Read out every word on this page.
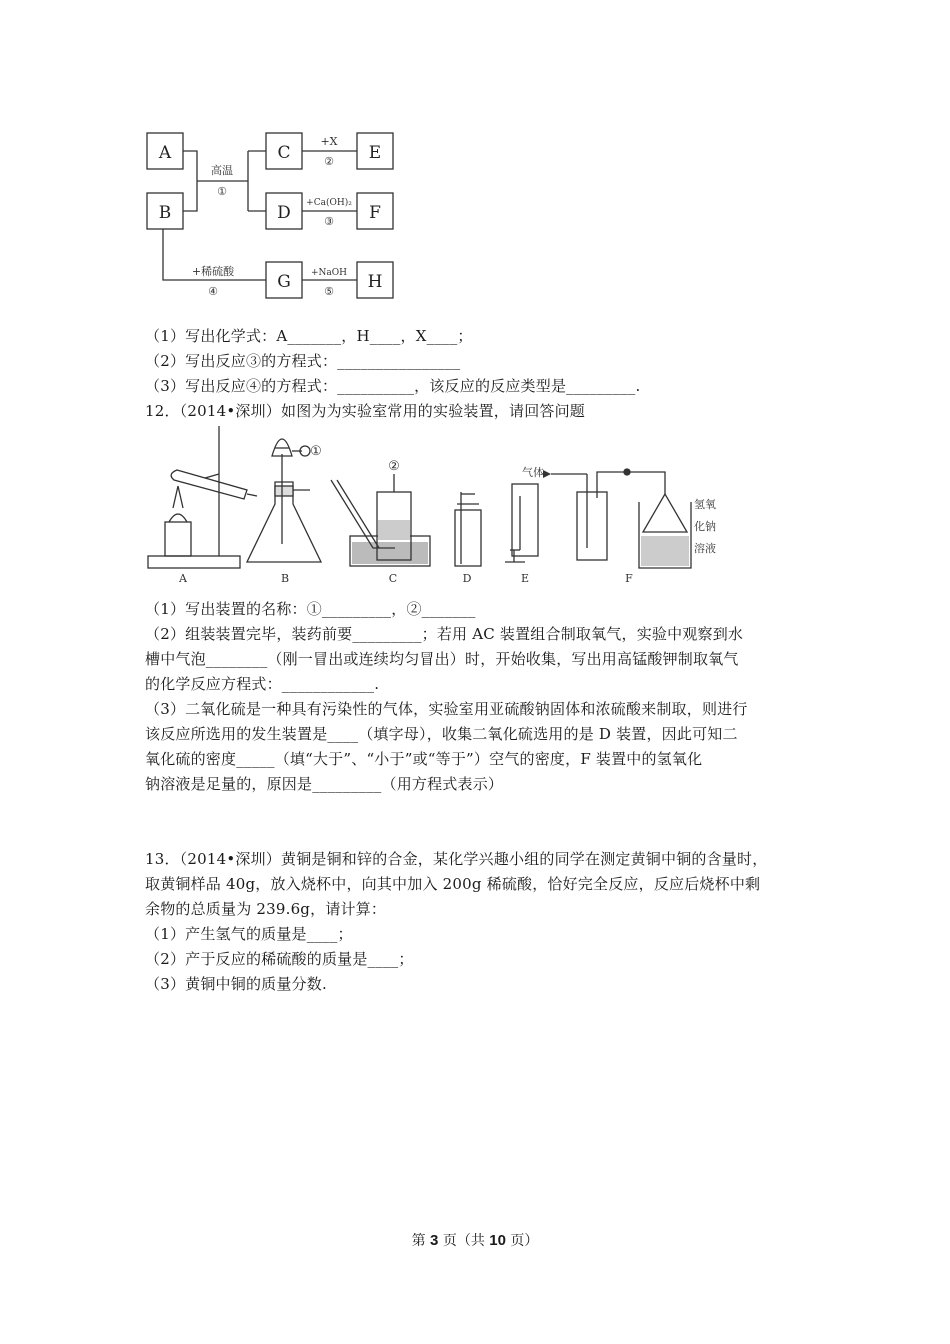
A
B
C
D
E
F
G	H
高温
①
+X
②
+Ca(OH)₂
③
+稀硫酸
④
+NaOH
⑤
（1）写出化学式：A_______，H____，X____；
（2）写出反应③的方程式：________________
（3）写出反应④的方程式：__________，该反应的反应类型是_________.
12．（2014•深圳）如图为为实验室常用的实验装置，请回答问题
A	B	C	D	E	F
①
②	气体
氢氧
化钠
溶液
（1）写出装置的名称：①_________，②_______
（2）组装装置完毕，装药前要_________；若用 AC 装置组合制取氧气，实验中观察到水
槽中气泡________（刚一冒出或连续均匀冒出）时，开始收集，写出用高锰酸钾制取氧气
的化学反应方程式：____________.
（3）二氧化硫是一种具有污染性的气体，实验室用亚硫酸钠固体和浓硫酸来制取，则进行
该反应所选用的发生装置是____（填字母），收集二氧化硫选用的是 D 装置，因此可知二
氧化硫的密度_____（填“大于”、“小于”或“等于”）空气的密度，F 装置中的氢氧化
钠溶液是足量的，原因是_________（用方程式表示）
13．（2014•深圳）黄铜是铜和锌的合金，某化学兴趣小组的同学在测定黄铜中铜的含量时，
取黄铜样品 40g，放入烧杯中，向其中加入 200g 稀硫酸，恰好完全反应，反应后烧杯中剩
余物的总质量为 239.6g，请计算：
（1）产生氢气的质量是____；
（2）产于反应的稀硫酸的质量是____；
（3）黄铜中铜的质量分数.
第 3 页（共 10 页）
